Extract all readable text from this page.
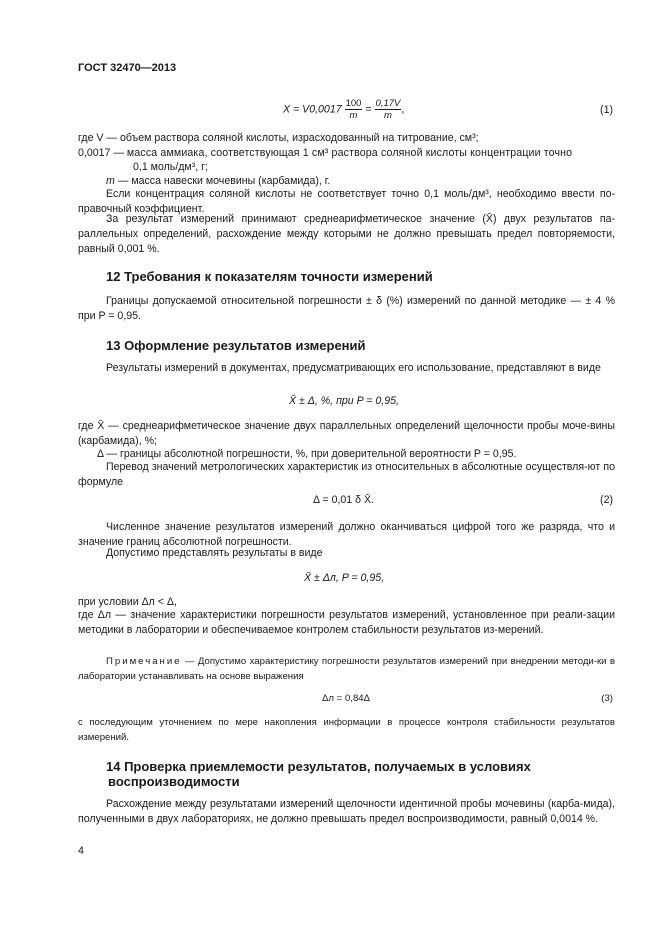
ГОСТ 32470—2013
$X = V0,0017 \frac{100}{m} = \frac{0,17V}{m}$ ,	(1)
где V — объем раствора соляной кислоты, израсходованный на титрование, см³;
0,0017 — масса аммиака, соответствующая 1 см³ раствора соляной кислоты концентрации точно
0,1 моль/дм³, г;
m — масса навески мочевины (карбамида), г.
Если концентрация соляной кислоты не соответствует точно 0,1 моль/дм³, необходимо ввести по-правочный коэффициент.
За результат измерений принимают среднеарифметическое значение (X̄) двух результатов па-раллельных определений, расхождение между которыми не должно превышать предел повторяемости, равный 0,001 %.
12 Требования к показателям точности измерений
Границы допускаемой относительной погрешности ± δ (%) измерений по данной методике — ± 4 % при P = 0,95.
13 Оформление результатов измерений
Результаты измерений в документах, предусматривающих его использование, представляют в виде
X̄ ± Δ, %, при P = 0,95,
где X̄ — среднеарифметическое значение двух параллельных определений щелочности пробы моче-вины (карбамида), %;
Δ — границы абсолютной погрешности, %, при доверительной вероятности P = 0,95.
Перевод значений метрологических характеристик из относительных в абсолютные осуществля-ют по формуле
Δ = 0,01 δ X̄.	(2)
Численное значение результатов измерений должно оканчиваться цифрой того же разряда, что и значение границ абсолютной погрешности.
Допустимо представлять результаты в виде
X̄ ± Δл, P = 0,95,
при условии Δл < Δ,
где Δл — значение характеристики погрешности результатов измерений, установленное при реали-зации методики в лаборатории и обеспечиваемое контролем стабильности результатов из-мерений.
Примечание — Допустимо характеристику погрешности результатов измерений при внедрении методи-ки в лаборатории устанавливать на основе выражения
Δл = 0,84Δ	(3)
с последующим уточнением по мере накопления информации в процессе контроля стабильности результатов измерений.
14 Проверка приемлемости результатов, получаемых в условиях
воспроизводимости
Расхождение между результатами измерений щелочности идентичной пробы мочевины (карба-мида), полученными в двух лабораториях, не должно превышать предел воспроизводимости, равный 0,0014 %.
4
